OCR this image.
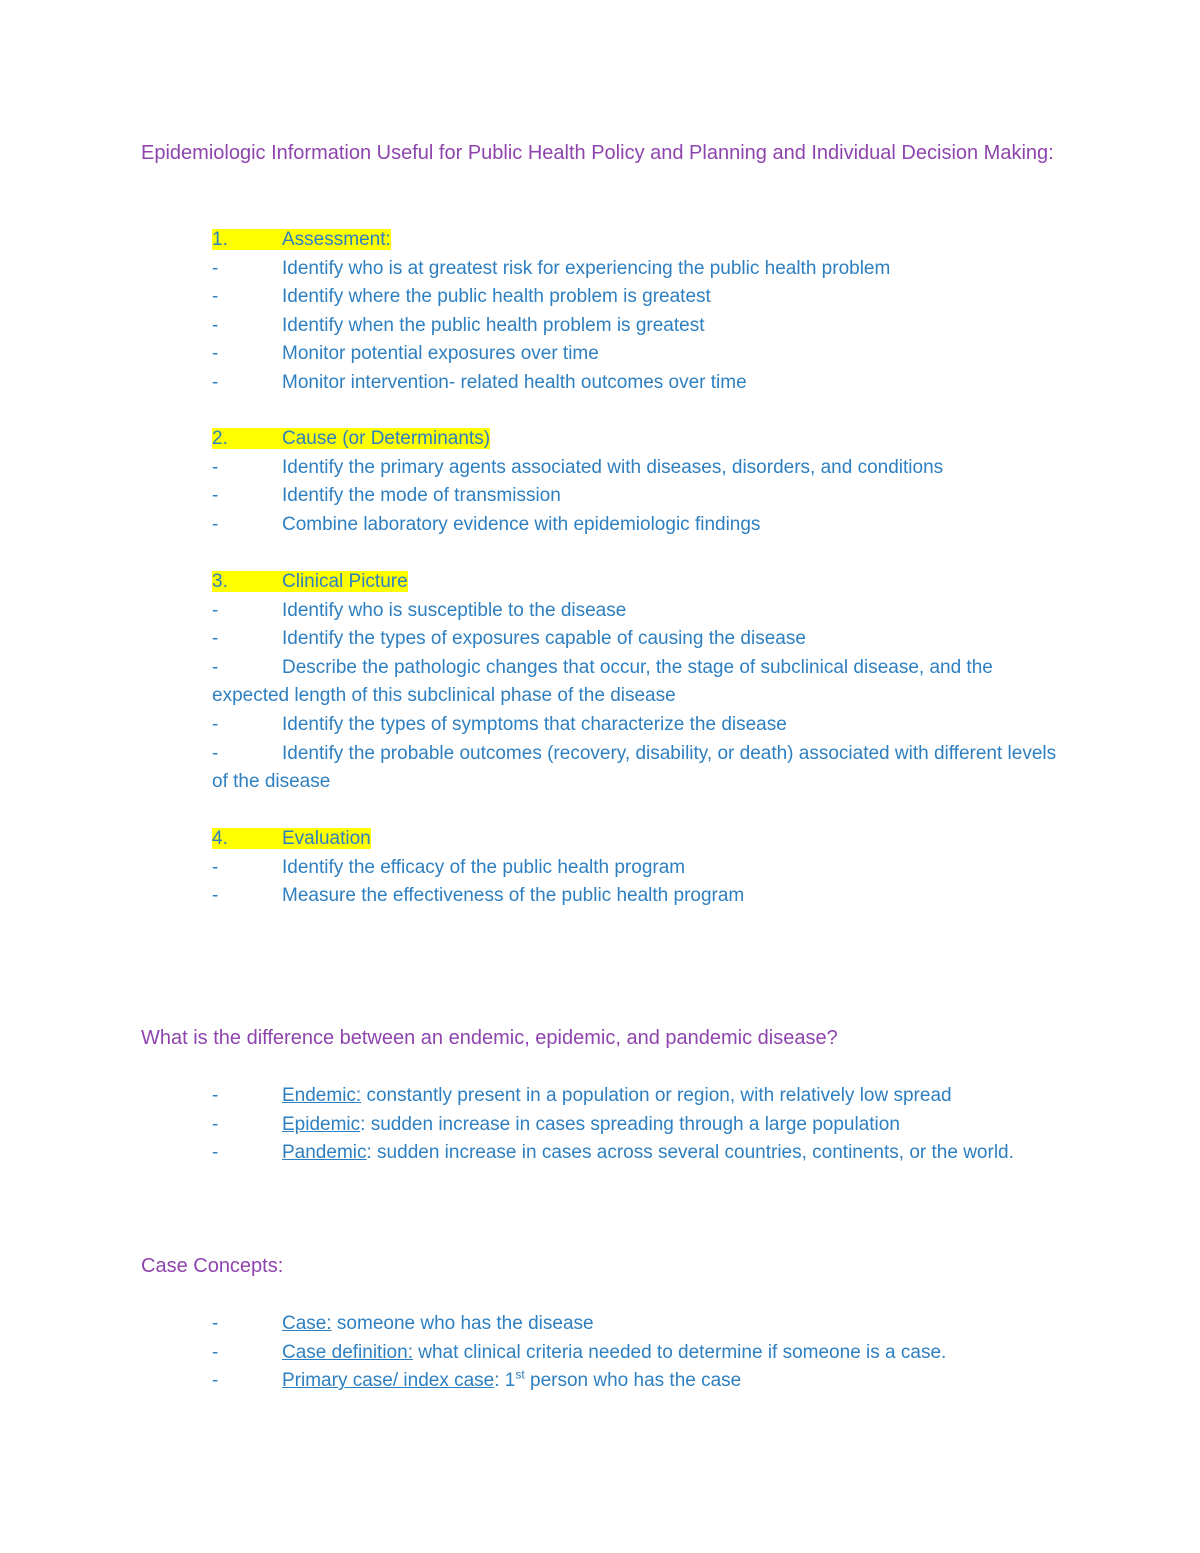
Epidemiologic Information Useful for Public Health Policy and Planning and Individual Decision Making:

1.	Assessment:
-	Identify who is at greatest risk for experiencing the public health problem
-	Identify where the public health problem is greatest
-	Identify when the public health problem is greatest
-	Monitor potential exposures over time
-	Monitor intervention- related health outcomes over time
2.	Cause (or Determinants)
-	Identify the primary agents associated with diseases, disorders, and conditions
-	Identify the mode of transmission
-	Combine laboratory evidence with epidemiologic findings
3.	Clinical Picture
-	Identify who is susceptible to the disease
-	Identify the types of exposures capable of causing the disease
-	Describe the pathologic changes that occur, the stage of subclinical disease, and the expected length of this subclinical phase of the disease
-	Identify the types of symptoms that characterize the disease
-	Identify the probable outcomes (recovery, disability, or death) associated with different levels of the disease
4.	Evaluation
-	Identify the efficacy of the public health program
-	Measure the effectiveness of the public health program

What is the difference between an endemic, epidemic, and pandemic disease?

-	Endemic: constantly present in a population or region, with relatively low spread
-	Epidemic: sudden increase in cases spreading through a large population
-	Pandemic: sudden increase in cases across several countries, continents, or the world.

Case Concepts:

-	Case: someone who has the disease
-	Case definition: what clinical criteria needed to determine if someone is a case.
-	Primary case/ index case: 1st person who has the case
